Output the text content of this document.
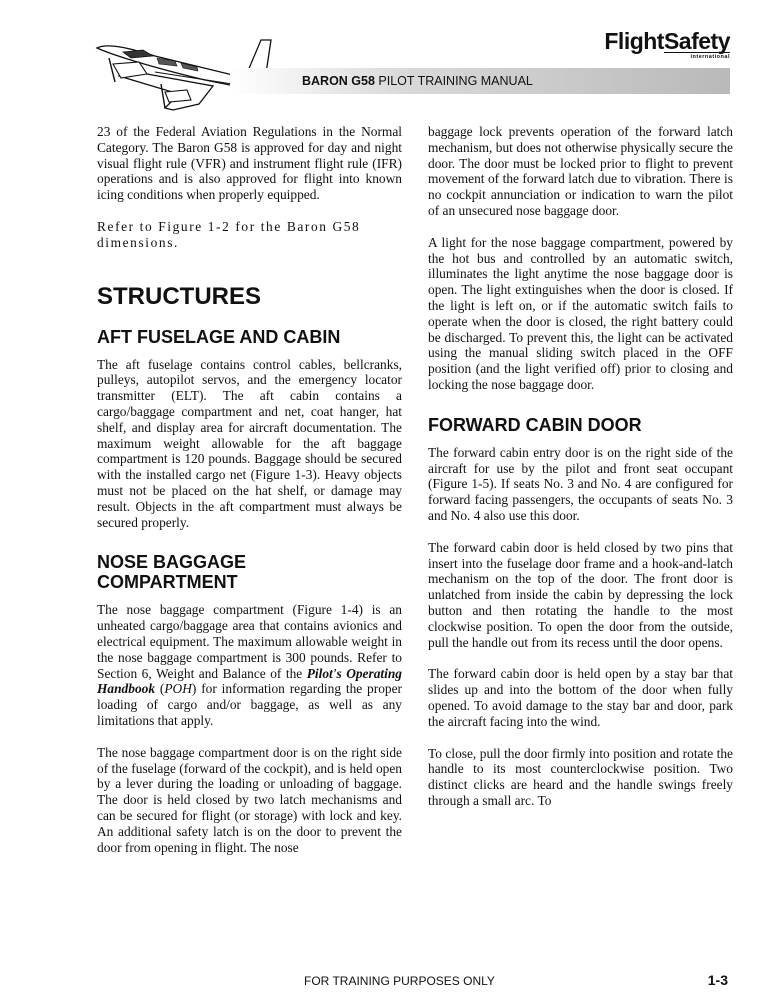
BARON G58 PILOT TRAINING MANUAL
FlightSafety
international

23 of the Federal Aviation Regulations in the Normal Category. The Baron G58 is approved for day and night visual flight rule (VFR) and instrument flight rule (IFR) operations and is also approved for flight into known icing conditions when properly equipped.

Refer to Figure 1-2 for the Baron G58 dimensions.

STRUCTURES
AFT FUSELAGE AND CABIN

The aft fuselage contains control cables, bellcranks, pulleys, autopilot servos, and the emergency locator transmitter (ELT). The aft cabin contains a cargo/baggage compartment and net, coat hanger, hat shelf, and display area for aircraft documentation. The maximum weight allowable for the aft baggage compartment is 120 pounds. Baggage should be secured with the installed cargo net (Figure 1-3). Heavy objects must not be placed on the hat shelf, or damage may result. Objects in the aft compartment must always be secured properly.

NOSE BAGGAGE
COMPARTMENT

The nose baggage compartment (Figure 1-4) is an unheated cargo/baggage area that contains avionics and electrical equipment. The maximum allowable weight in the nose baggage compartment is 300 pounds. Refer to Section 6, Weight and Balance of the Pilot's Operating Handbook (POH) for information regarding the proper loading of cargo and/or baggage, as well as any limitations that apply.

The nose baggage compartment door is on the right side of the fuselage (forward of the cockpit), and is held open by a lever during the loading or unloading of baggage. The door is held closed by two latch mechanisms and can be secured for flight (or storage) with lock and key. An additional safety latch is on the door to prevent the door from opening in flight. The nose

baggage lock prevents operation of the forward latch mechanism, but does not otherwise physically secure the door. The door must be locked prior to flight to prevent movement of the forward latch due to vibration. There is no cockpit annunciation or indication to warn the pilot of an unsecured nose baggage door.

A light for the nose baggage compartment, powered by the hot bus and controlled by an automatic switch, illuminates the light anytime the nose baggage door is open. The light extinguishes when the door is closed. If the light is left on, or if the automatic switch fails to operate when the door is closed, the right battery could be discharged. To prevent this, the light can be activated using the manual sliding switch placed in the OFF position (and the light verified off) prior to closing and locking the nose baggage door.

FORWARD CABIN DOOR

The forward cabin entry door is on the right side of the aircraft for use by the pilot and front seat occupant (Figure 1-5). If seats No. 3 and No. 4 are configured for forward facing passengers, the occupants of seats No. 3 and No. 4 also use this door.

The forward cabin door is held closed by two pins that insert into the fuselage door frame and a hook-and-latch mechanism on the top of the door. The front door is unlatched from inside the cabin by depressing the lock button and then rotating the handle to the most clockwise position. To open the door from the outside, pull the handle out from its recess until the door opens.

The forward cabin door is held open by a stay bar that slides up and into the bottom of the door when fully opened. To avoid damage to the stay bar and door, park the aircraft facing into the wind.

To close, pull the door firmly into position and rotate the handle to its most counterclockwise position. Two distinct clicks are heard and the handle swings freely through a small arc. To

FOR TRAINING PURPOSES ONLY	1-3
